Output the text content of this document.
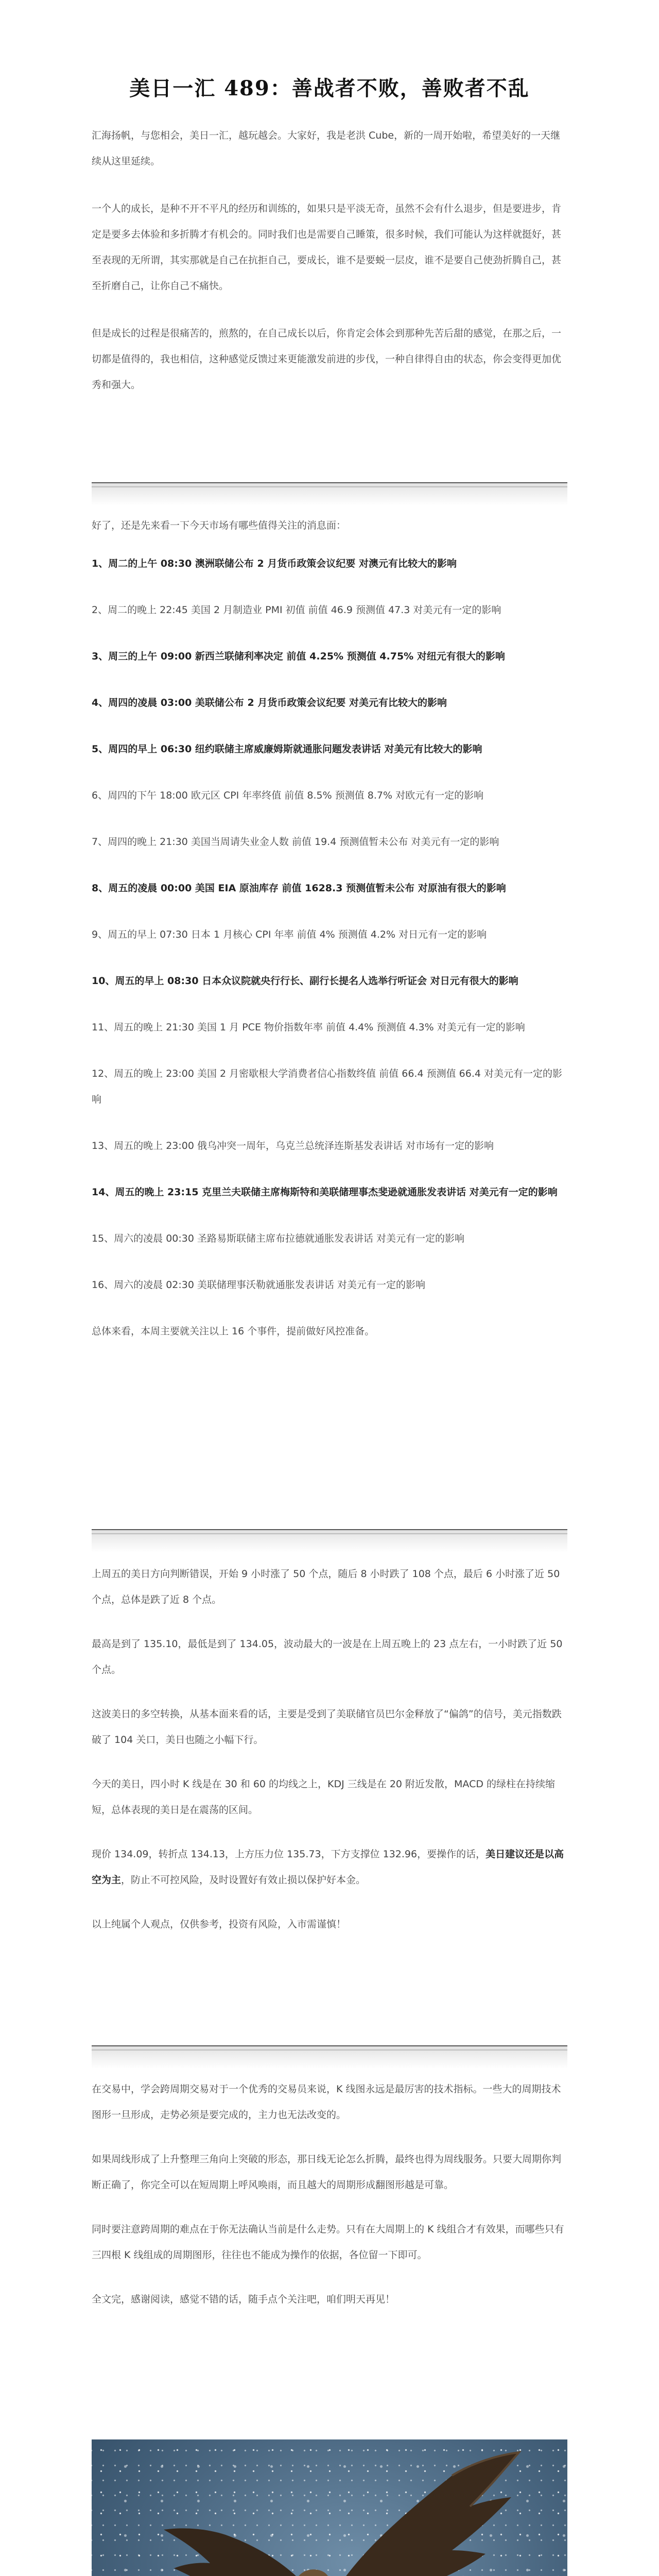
美日一汇 489：善战者不败，善败者不乱

汇海扬帆，与您相会，美日一汇，越玩越会。大家好，我是老洪 Cube，新的一周开始啦，希望美好的一天继续从这里延续。

一个人的成长，是种不开不平凡的经历和训练的，如果只是平淡无奇，虽然不会有什么退步，但是要进步，肯定是要多去体验和多折腾才有机会的。同时我们也是需要自己睡策，很多时候，我们可能认为这样就挺好，甚至表现的无所谓，其实那就是自己在抗拒自己，要成长，谁不是要蜕一层皮，谁不是要自己使劲折腾自己，甚至折磨自己，让你自己不痛快。

但是成长的过程是很痛苦的，煎熬的，在自己成长以后，你肯定会体会到那种先苦后甜的感觉，在那之后，一切都是值得的，我也相信，这种感觉反馈过来更能激发前进的步伐，一种自律得自由的状态，你会变得更加优秀和强大。

好了，还是先来看一下今天市场有哪些值得关注的消息面：

1、周二的上午 08:30 澳洲联储公布 2 月货币政策会议纪要 对澳元有比较大的影响

2、周二的晚上 22:45 美国 2 月制造业 PMI 初值 前值 46.9 预测值 47.3 对美元有一定的影响

3、周三的上午 09:00 新西兰联储利率决定 前值 4.25% 预测值 4.75% 对纽元有很大的影响

4、周四的凌晨 03:00 美联储公布 2 月货币政策会议纪要 对美元有比较大的影响

5、周四的早上 06:30 纽约联储主席威廉姆斯就通胀问题发表讲话 对美元有比较大的影响

6、周四的下午 18:00 欧元区 CPI 年率终值 前值 8.5% 预测值 8.7% 对欧元有一定的影响

7、周四的晚上 21:30 美国当周请失业金人数 前值 19.4 预测值暂未公布 对美元有一定的影响

8、周五的凌晨 00:00 美国 EIA 原油库存 前值 1628.3 预测值暂未公布 对原油有很大的影响

9、周五的早上 07:30 日本 1 月核心 CPI 年率 前值 4% 预测值 4.2% 对日元有一定的影响

10、周五的早上 08:30 日本众议院就央行行长、副行长提名人选举行听证会 对日元有很大的影响

11、周五的晚上 21:30 美国 1 月 PCE 物价指数年率 前值 4.4% 预测值 4.3% 对美元有一定的影响

12、周五的晚上 23:00 美国 2 月密歇根大学消费者信心指数终值 前值 66.4 预测值 66.4 对美元有一定的影响

13、周五的晚上 23:00 俄乌冲突一周年，乌克兰总统泽连斯基发表讲话 对市场有一定的影响

14、周五的晚上 23:15 克里兰夫联储主席梅斯特和美联储理事杰斐逊就通胀发表讲话 对美元有一定的影响

15、周六的凌晨 00:30 圣路易斯联储主席布拉德就通胀发表讲话 对美元有一定的影响

16、周六的凌晨 02:30 美联储理事沃勒就通胀发表讲话 对美元有一定的影响

总体来看，本周主要就关注以上 16 个事件，提前做好风控准备。

上周五的美日方向判断错误，开始 9 小时涨了 50 个点，随后 8 小时跌了 108 个点，最后 6 小时涨了近 50 个点，总体是跌了近 8 个点。

最高是到了 135.10，最低是到了 134.05，波动最大的一波是在上周五晚上的 23 点左右，一小时跌了近 50 个点。

这波美日的多空转换，从基本面来看的话，主要是受到了美联储官员巴尔金释放了“偏鸽”的信号，美元指数跌破了 104 关口，美日也随之小幅下行。

今天的美日，四小时 K 线是在 30 和 60 的均线之上，KDJ 三线是在 20 附近发散，MACD 的绿柱在持续缩短，总体表现的美日是在震荡的区间。

现价 134.09，转折点 134.13，上方压力位 135.73，下方支撑位 132.96，要操作的话，美日建议还是以高空为主，防止不可控风险，及时设置好有效止损以保护好本金。

以上纯属个人观点，仅供参考，投资有风险，入市需谨慎！

在交易中，学会跨周期交易对于一个优秀的交易员来说，K 线图永远是最厉害的技术指标。一些大的周期技术图形一旦形成，走势必须是要完成的，主力也无法改变的。

如果周线形成了上升整理三角向上突破的形态，那日线无论怎么折腾，最终也得为周线服务。只要大周期你判断正确了，你完全可以在短周期上呼风唤雨，而且越大的周期形成翻图形越是可靠。

同时要注意跨周期的难点在于你无法确认当前是什么走势。只有在大周期上的 K 线组合才有效果，而哪些只有三四根 K 线组成的周期图形，往往也不能成为操作的依据，各位留一下即可。

全文完，感谢阅读，感觉不错的话，随手点个关注吧，咱们明天再见！
